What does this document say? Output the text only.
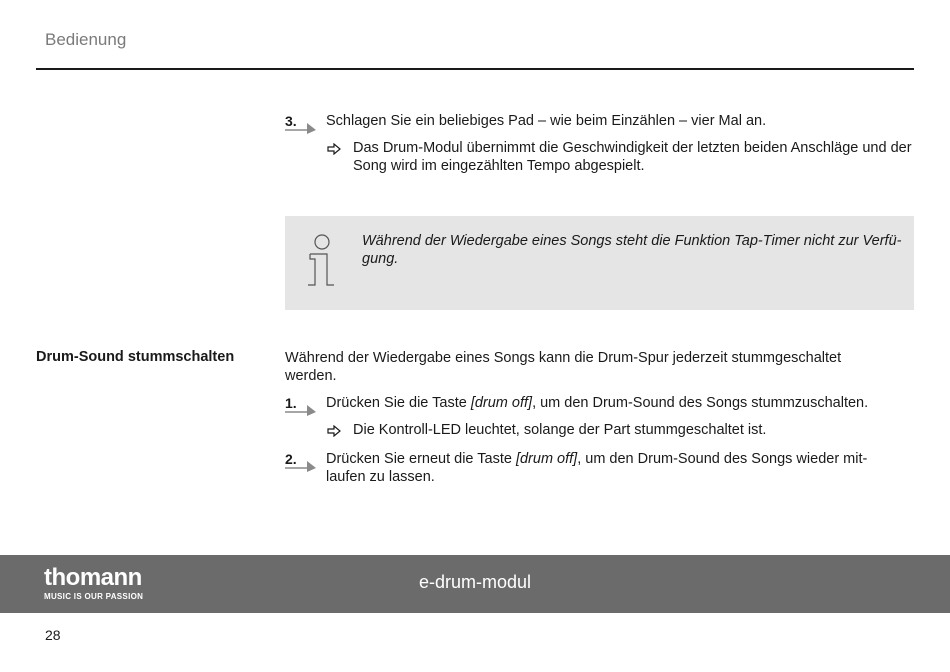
Bedienung
3. Schlagen Sie ein beliebiges Pad – wie beim Einzählen – vier Mal an.
Das Drum-Modul übernimmt die Geschwindigkeit der letzten beiden Anschläge und der Song wird im eingezählten Tempo abgespielt.
Während der Wiedergabe eines Songs steht die Funktion Tap-Timer nicht zur Verfü- gung.
Drum-Sound stummschalten	Während der Wiedergabe eines Songs kann die Drum-Spur jederzeit stummgeschaltet werden.
1. Drücken Sie die Taste [drum off], um den Drum-Sound des Songs stummzuschalten.
Die Kontroll-LED leuchtet, solange der Part stummgeschaltet ist.
2. Drücken Sie erneut die Taste [drum off], um den Drum-Sound des Songs wieder mit- laufen zu lassen.
thomann
MUSIC IS OUR PASSION
e-drum-modul
28
